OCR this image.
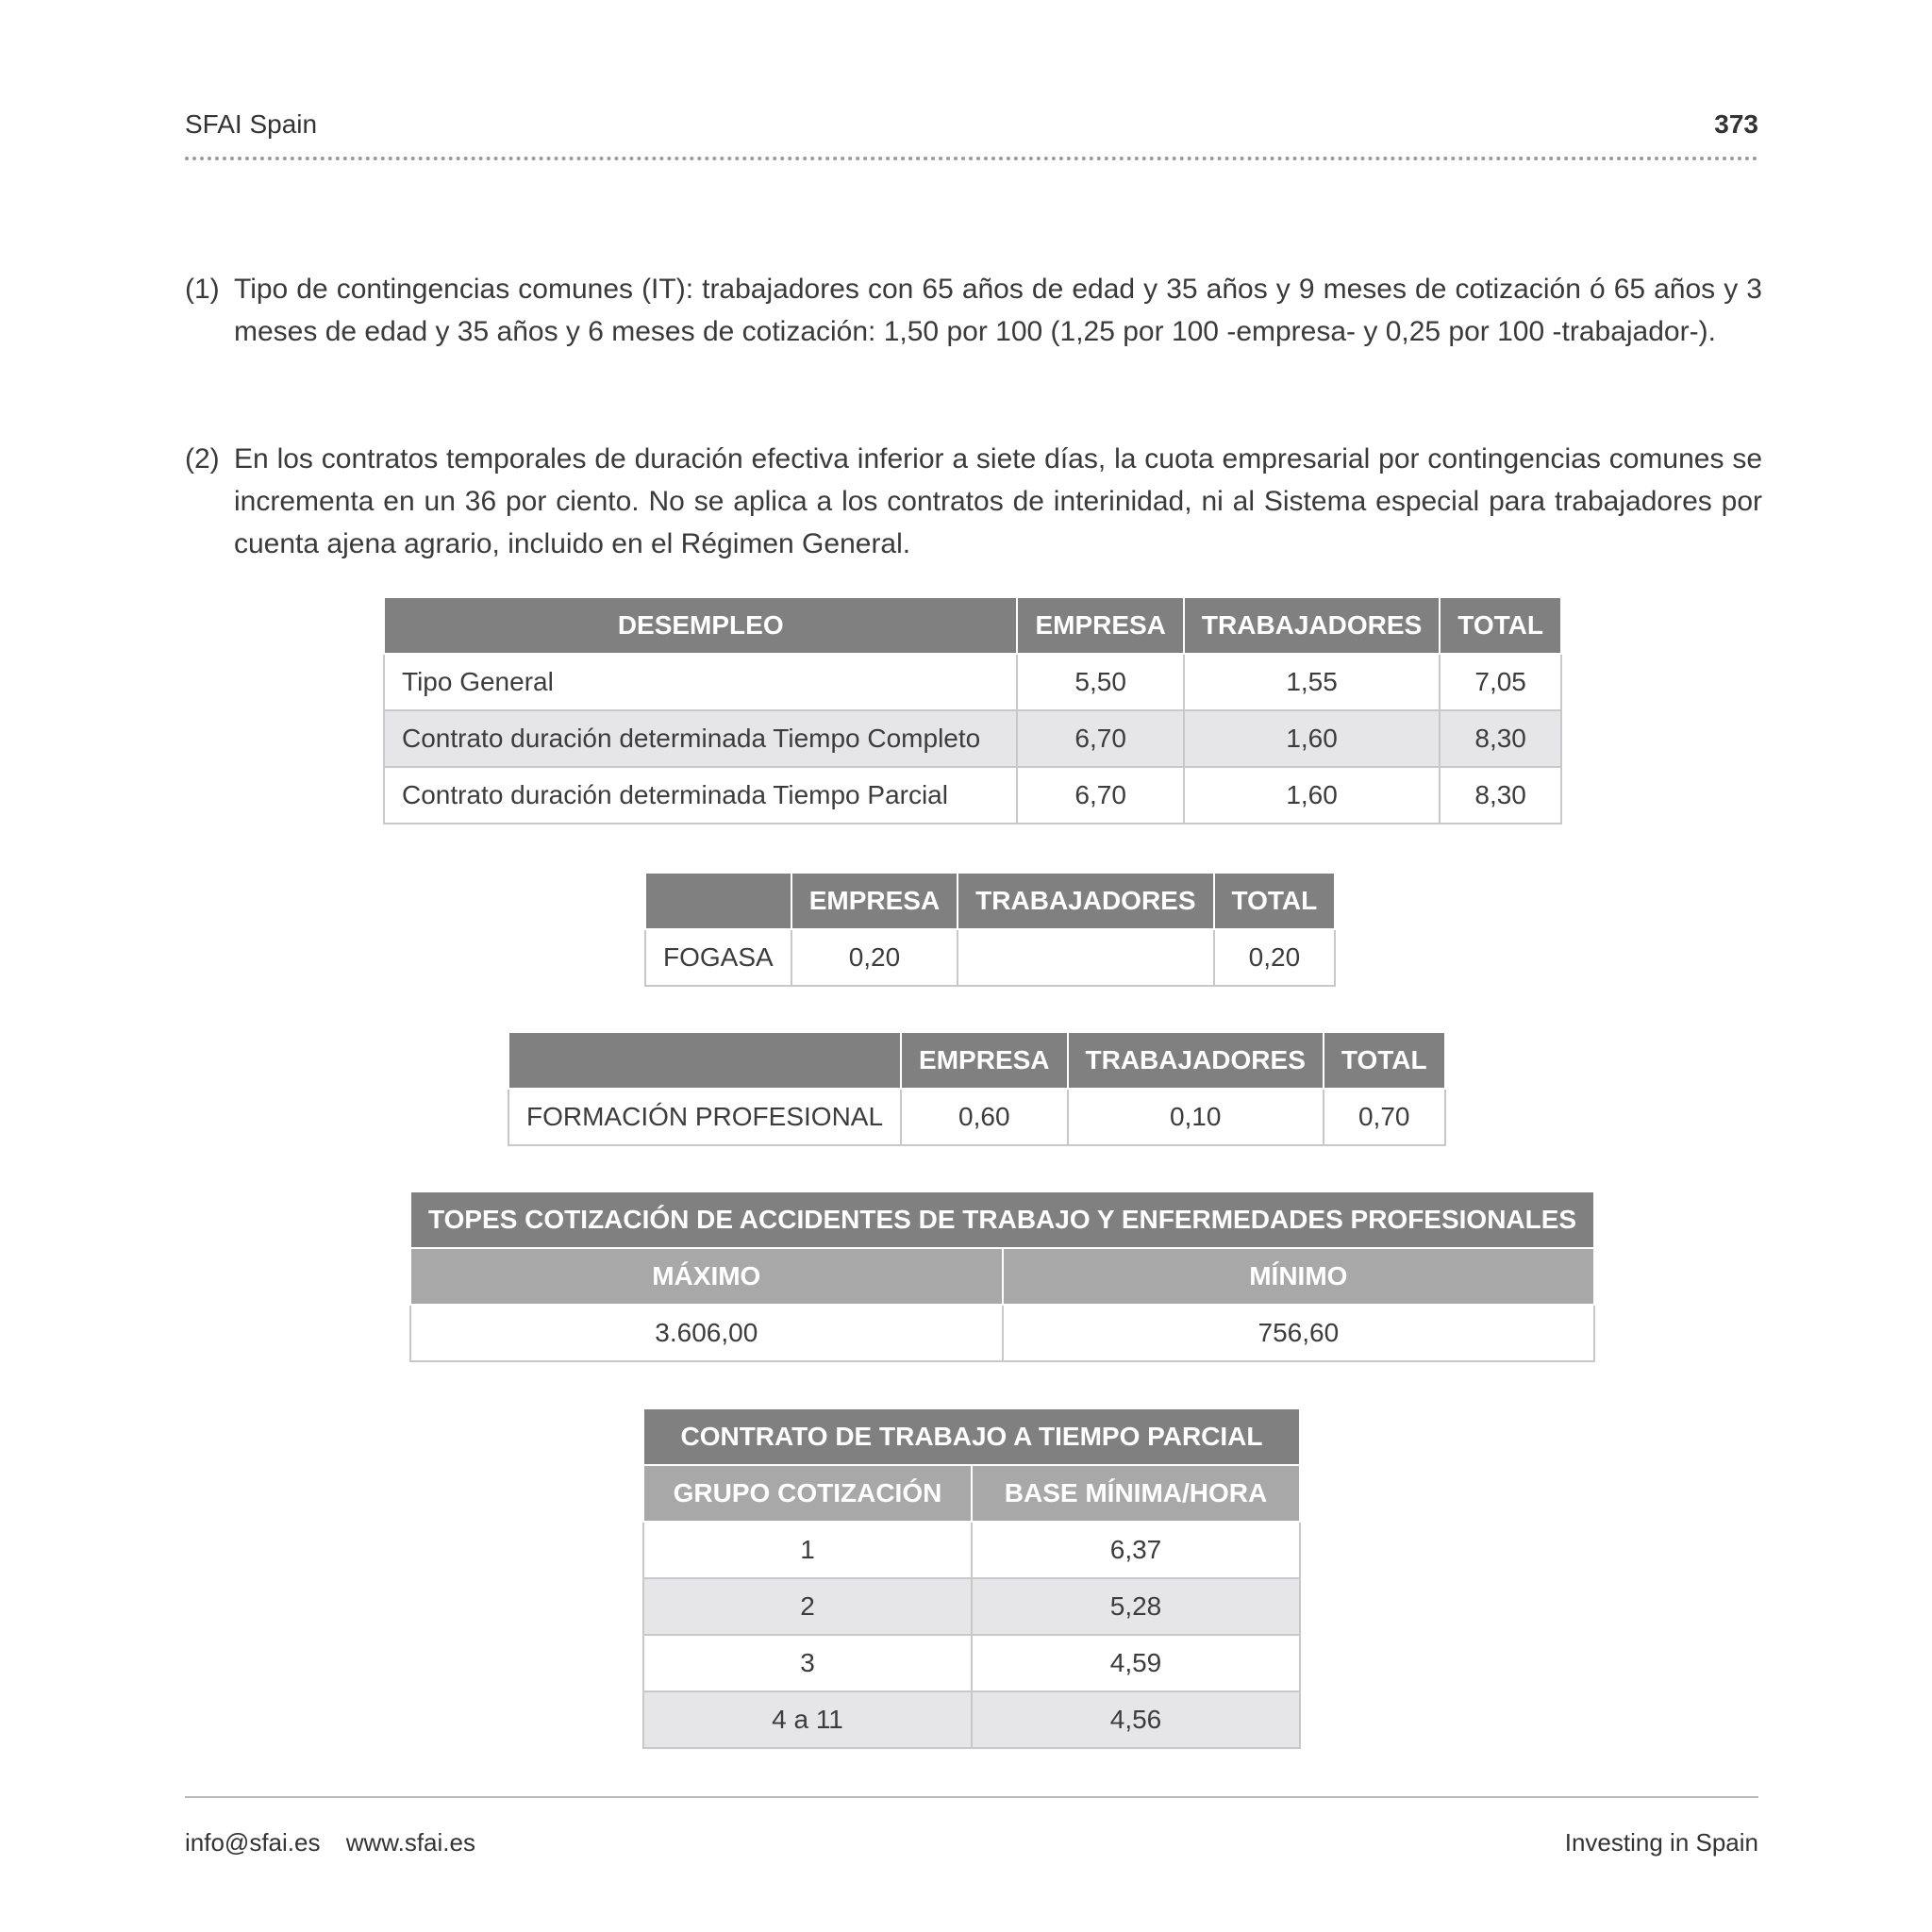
SFAI Spain	373
(1) Tipo de contingencias comunes (IT): trabajadores con 65 años de edad y 35 años y 9 meses de cotización ó 65 años y 3 meses de edad y 35 años y 6 meses de cotización: 1,50 por 100 (1,25 por 100 -empresa- y 0,25 por 100 -trabajador-).
(2) En los contratos temporales de duración efectiva inferior a siete días, la cuota empresarial por contingencias comunes se incrementa en un 36 por ciento. No se aplica a los contratos de interinidad, ni al Sistema especial para trabajadores por cuenta ajena agrario, incluido en el Régimen General.
DESEMPLEO	EMPRESA	TRABAJADORES	TOTAL
Tipo General	5,50	1,55	7,05
Contrato duración determinada Tiempo Completo	6,70	1,60	8,30
Contrato duración determinada Tiempo Parcial	6,70	1,60	8,30
	EMPRESA	TRABAJADORES	TOTAL
FOGASA	0,20		0,20
	EMPRESA	TRABAJADORES	TOTAL
FORMACIÓN PROFESIONAL	0,60	0,10	0,70
TOPES COTIZACIÓN DE ACCIDENTES DE TRABAJO Y ENFERMEDADES PROFESIONALES	
MÁXIMO	MÍNIMO
3.606,00	756,60
CONTRATO DE TRABAJO A TIEMPO PARCIAL	
GRUPO COTIZACIÓN	BASE MÍNIMA/HORA
1	6,37
2	5,28
3	4,59
4 a 11	4,56
info@sfai.es www.sfai.es	Investing in Spain
